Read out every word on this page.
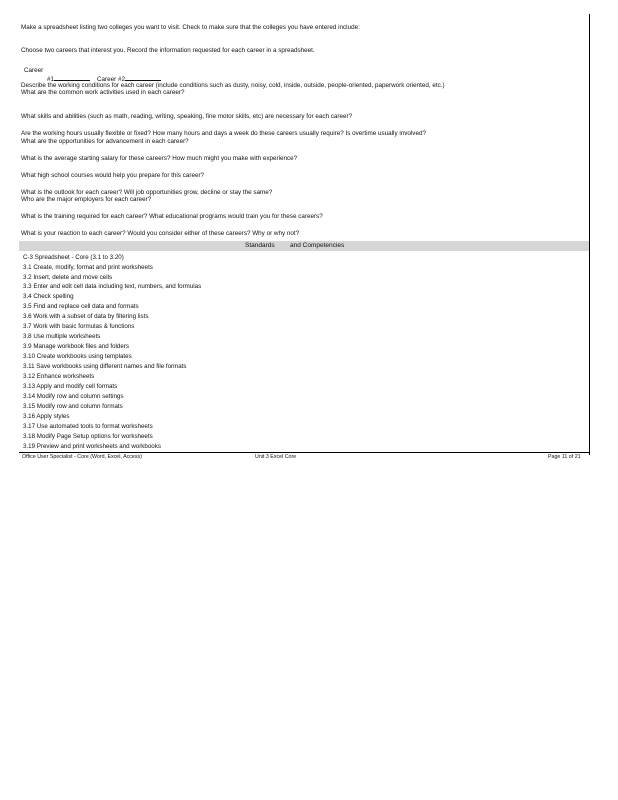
Make a spreadsheet listing two colleges you want to visit. Check to make sure that the colleges you have entered include:
Choose two careers that interest you. Record the information requested for each career in a spreadsheet.
Career
#1	Career #2
Describe the working conditions for each career (include conditions such as dusty, noisy, cold, inside, outside, people-oriented, paperwork oriented, etc.)
What are the common work activities used in each career?
What skills and abilities (such as math, reading, writing, speaking, fine motor skills, etc) are necessary for each career?
Are the working hours usually flexible or fixed? How many hours and days a week do these careers usually require? Is overtime usually involved?
What are the opportunities for advancement in each career?
What is the average starting salary for these careers? How much might you make with experience?
What high school courses would help you prepare for this career?
What is the outlook for each career? Will job opportunities grow, decline or stay the same?
Who are the major employers for each career?
What is the training required for each career? What educational programs would train you for these careers?
What is your reaction to each career? Would you consider either of these careers? Why or why not?
Standards and Competencies
C-3 Spreadsheet - Core (3.1 to 3.20)
3.1 Create, modify, format and print worksheets
3.2 Insert, delete and move cells
3.3 Enter and edit cell data including text, numbers, and formulas
3.4 Check spelling
3.5 Find and replace cell data and formats
3.6 Work with a subset of data by filtering lists
3.7 Work with basic formulas & functions
3.8 Use multiple worksheets
3.9 Manage workbook files and folders
3.10 Create workbooks using templates
3.11 Save workbooks using different names and file formats
3.12 Enhance worksheets
3.13 Apply and modify cell formats
3.14 Modify row and column settings
3.15 Modify row and column formats
3.16 Apply styles
3.17 Use automated tools to format worksheets
3.18 Modify Page Setup options for worksheets
3.19 Preview and print worksheets and workbooks
Office User Specialist - Core (Word, Excel, Access)	Unit 3 Excel Core	Page 11 of 21
